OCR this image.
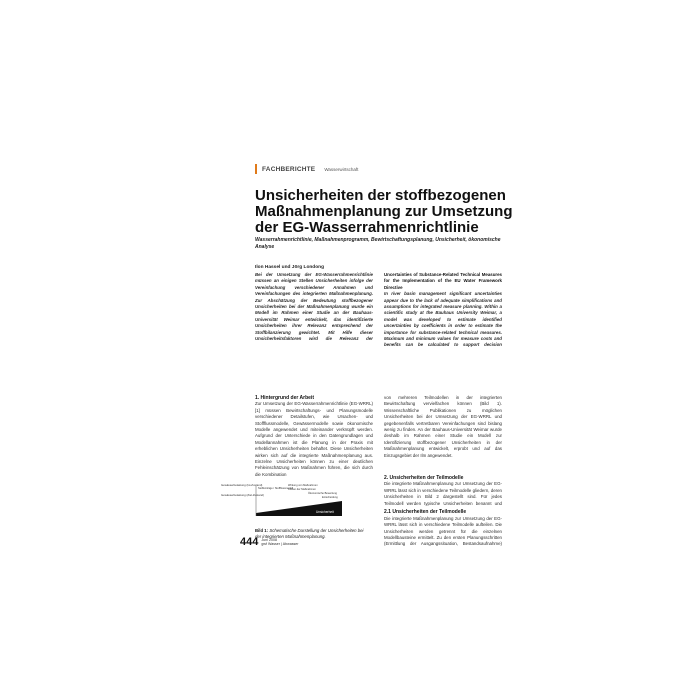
FACHBERICHTE Wasserwirtschaft
Unsicherheiten der stoffbezogenen Maßnahmenplanung zur Umsetzung der EG-Wasserrahmenrichtlinie
Wasserrahmenrichtlinie, Maßnahmenprogramm, Bewirtschaftungsplanung, Unsicherheit, ökonomische Analyse
Ilon Hassel und Jörg Londong
Bei der Umsetzung der EG-Wasserrahmenrichtlinie müssen an einigen Stellen Unsicherheiten infolge der Vereinfachung verschiedener Annahmen und Vereinfachungen des integrierten Maßnahmenplanung. Zur Abschätzung der Bedeutung stoffbezogener Unsicherheiten bei der Maßnahmenplanung wurde ein Modell im Rahmen einer Studie an der Bauhaus-Universität Weimar entwickelt, das identifizierte Unsicherheiten ihrer Relevanz entsprechend der Stoffbilanzierung gewichtet. Mit Hilfe dieser Unsicherheitsfaktoren wird die Relevanz der
Uncertainties of Substance-Related Technical Measures for the Implementation of the EU Water Framework Directive
In river basin management significant uncertainties appear due to the lack of adequate simplifications and assumptions for integrated measure planning. Within a scientific study at the Bauhaus University Weimar, a model was developed to estimate identified uncertainties by coefficients in order to estimate the importance for substance-related technical measures. Maximum and minimum values for measure costs and benefits can be calculated to support decision
1. Hintergrund der Arbeit
Zur Umsetzung der EG-Wasserrahmenrichtlinie (EG-WRRL) [1] müssen Bewirtschaftungs- und Planungsmodelle verschiedener Detailstufen, wie Ursachen- und Stoffflussmodelle, Gewässermodelle sowie ökonomische Modelle angewendet und miteinander verknüpft werden. Aufgrund der Unterschiede in den Datengrundlagen und Modellannahmen ist die Planung in der Praxis mit erheblichen Unsicherheiten behaftet. Diese Unsicherheiten wirken sich auf die integrierte Maßnahmenplanung aus. Einzelne Unsicherheiten können zu einer deutlichen Fehleinschätzung von Maßnahmen führen, die sich durch die Kombination
von mehreren Teilmodellen in der integrierten Bewirtschaftung vervielfachen können (Bild 1). Wissenschaftliche Publikationen zu möglichen Unsicherheiten bei der Umsetzung der EG-WRRL und gegebenenfalls vertretbaren Vereinfachungen sind bislang wenig zu finden. An der Bauhaus-Universität Weimar wurde deshalb im Rahmen einer Studie ein Modell zur Identifizierung stoffbezogener Unsicherheiten in der Maßnahmenplanung entwickelt, erprobt und auf das Einzugsgebiet der Ilm angewendet.
2. Unsicherheiten der Teilmodelle
Die integrierte Maßnahmenplanung zur Umsetzung der EG-WRRL lässt sich in verschiedene Teilmodelle gliedern, deren Unsicherheiten in Bild 2 dargestellt sind. Für jedes Teilmodell werden typische Unsicherheiten benannt und
2.1 Unsicherheiten der Teilmodelle
Die integrierte Maßnahmenplanung zur Umsetzung der EG-WRRL lässt sich in verschiedene Teilmodelle aufteilen. Die Unsicherheiten werden getrennt für die einzelnen Modellbausteine ermittelt. Zu den ersten Planungsschritten (Ermittlung der Ausgangssituation, Bestandsaufnahme)
Gewässerbelastung (Ist-Zustand)
Gewässerbelastung (Ziel-Zustand)
Stoffeinträge / Stoffflussmodell
Wirkung von Maßnahmen
Kosten der Maßnahmen
Ökonomische Bewertung
Entscheidung
Unsicherheit
Bild 1: Schematische Darstellung der Unsicherheiten bei der integrierten Maßnahmenplanung.
444 Juni 2008
gwf Wasser | Abwasser
